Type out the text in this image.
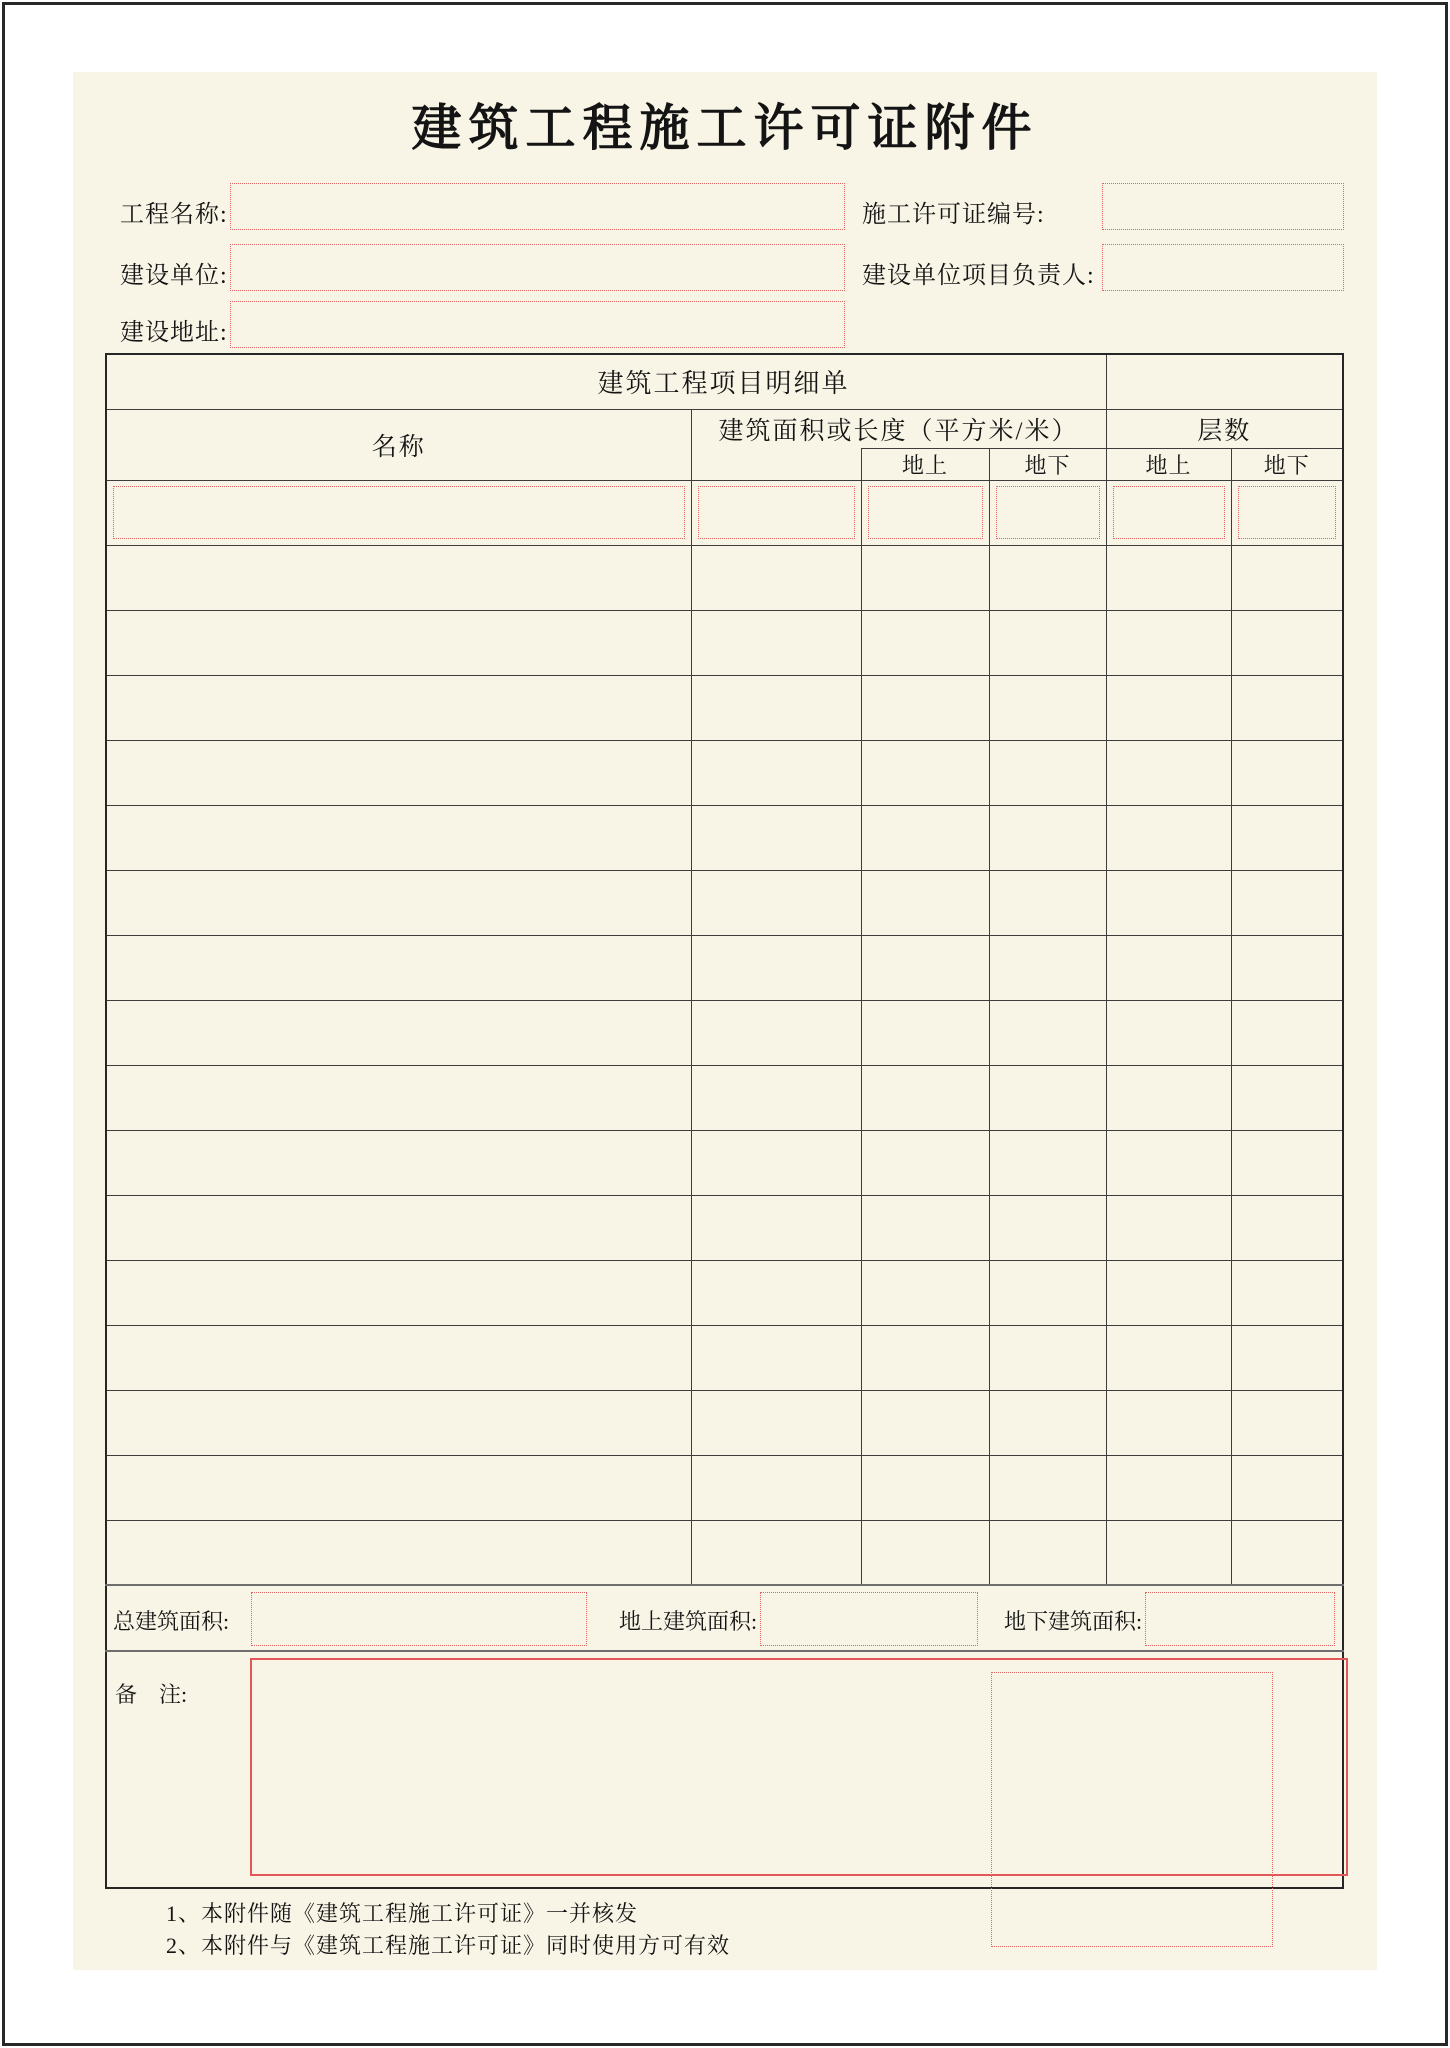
建筑工程施工许可证附件
工程名称:	施工许可证编号:
建设单位:	建设单位项目负责人:
建设地址:
建筑工程项目明细单

名称	建筑面积或长度（平方米/米）			层数	
		地上	地下	地上	地下

总建筑面积: 地上建筑面积: 地下建筑面积:					

备　注:					
1、本附件随《建筑工程施工许可证》一并核发
2、本附件与《建筑工程施工许可证》同时使用方可有效
